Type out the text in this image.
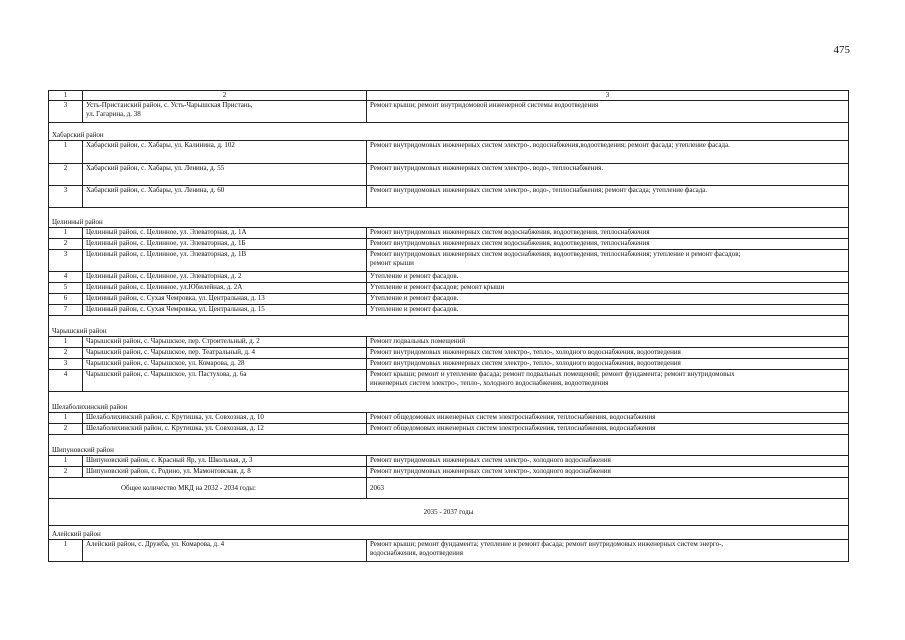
475
1	2	3
3	Усть-Пристанский район, с. Усть-Чарышская Пристань,
ул. Гагарина, д. 38	Ремонт крыши; ремонт внутридомовой инженерной системы водоотведения
Хабарский район		
1	Хабарский район, с. Хабары, ул. Калинина, д. 102	Ремонт внутридомовых инженерных систем электро-, водоснабжения,водоотведения; ремонт фасада; утепление фасада.
2	Хабарский район, с. Хабары, ул. Ленина, д. 55	Ремонт внутридомовых инженерных систем электро-, водо-, теплоснабжения.
3	Хабарский район, с. Хабары, ул. Ленина, д. 60	Ремонт внутридомовых инженерных систем электро-, водо-, теплоснабжения; ремонт фасада; утепление фасада.
Целинный район		
1	Целинный район, с. Целинное, ул. Элеваторная, д. 1А	Ремонт внутридомовых инженерных систем водоснабжения, водоотведения, теплоснабжения
2	Целинный район, с. Целинное, ул. Элеваторная, д. 1Б	Ремонт внутридомовых инженерных систем водоснабжения, водоотведения, теплоснабжения
3	Целинный район, с. Целинное, ул. Элеваторная, д. 1В	Ремонт внутридомовых инженерных систем водоснабжения, водоотведения, теплоснабжения; утепление и ремонт фасадов;
ремонт крыши
4	Целинный район, с. Целинное, ул. Элеваторная, д. 2	Утепление и ремонт фасадов.
5	Целинный район, с. Целинное, ул.Юбилейная, д. 2А	Утепление и ремонт фасадов; ремонт крыши
6	Целинный район, с. Сухая Чемровка, ул. Центральная, д. 13	Утепление и ремонт фасадов.
7	Целинный район, с. Сухая Чемровка, ул. Центральная, д. 15	Утепление и ремонт фасадов.
Чарышский район		
1	Чарышский район, с. Чарышское, пер. Строительный, д. 2	Ремонт подвальных помещений
2	Чарышский район, с. Чарышское, пер. Театральный, д. 4	Ремонт внутридомовых инженерных систем электро-, тепло-, холодного водоснабжения, водоотведения
3	Чарышский район, с. Чарышское, ул. Комарова, д. 28	Ремонт внутридомовых инженерных систем электро-, тепло-, холодного водоснабжения, водоотведения
4	Чарышский район, с. Чарышское, ул. Пастухова, д. 6а	Ремонт крыши; ремонт и утепление фасада; ремонт подвальных помещений; ремонт фундамента; ремонт внутридомовых
инженерных систем электро-, тепло-, холодного водоснабжения, водоотведения
Шелаболихинский район		
1	Шелаболихинский район, с. Крутишка, ул. Совхозная, д. 10	Ремонт общедомовых инженерных систем электроснабжения, теплоснабжения, водоснабжения
2	Шелаболихинский район, с. Крутишка, ул. Совхозная, д. 12	Ремонт общедомовых инженерных систем электроснабжения, теплоснабжения, водоснабжения
Шипуновский район		
1	Шипуновский район, с. Красный Яр, ул. Школьная, д. 3	Ремонт внутридомовых инженерных систем электро-, холодного водоснабжения
2	Шипуновский район, с. Родино, ул. Мамонтовская, д. 8	Ремонт внутридомовых инженерных систем электро-, холодного водоснабжения
Общее количество МКД на 2032 - 2034 годы:		2063
2035 - 2037 годы		
Алейский район		
1	Алейский район, с. Дружба, ул. Комарова, д. 4	Ремонт крыши; ремонт фундамента; утепление и ремонт фасада; ремонт внутридомовых инженерных систем энерго-,
водоснабжения, водоотведения
